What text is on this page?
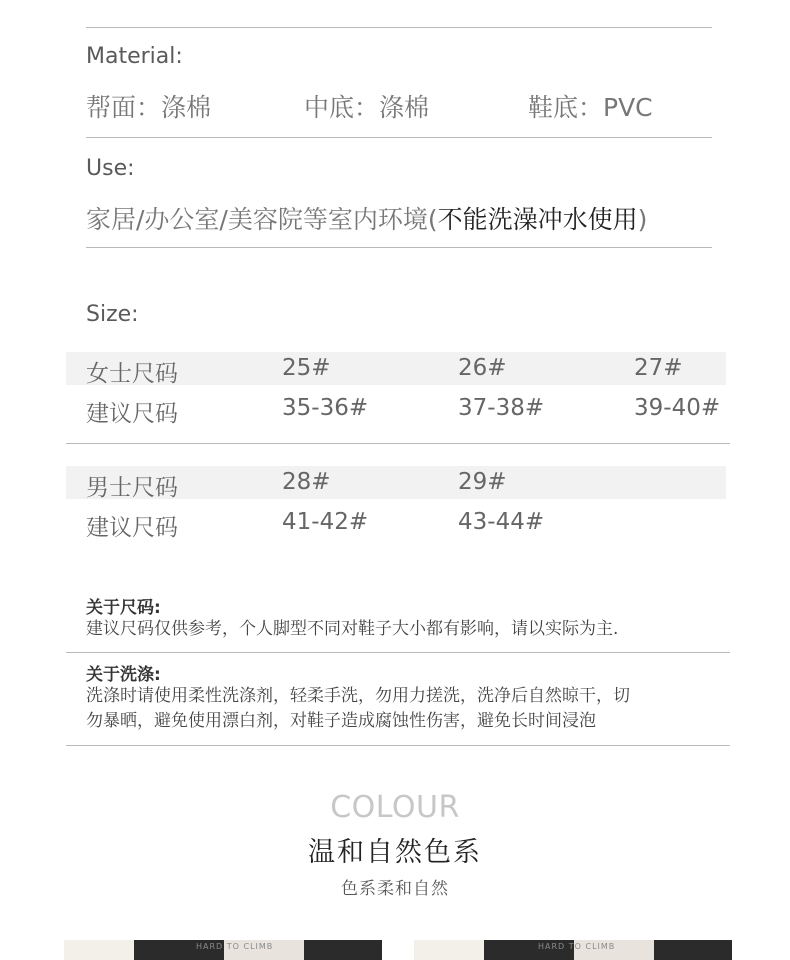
Material:
帮面：涤棉	中底：涤棉	鞋底：PVC
Use:
家居/办公室/美容院等室内环境(不能洗澡冲水使用)
Size:
女士尺码	25#	26#	27#
建议尺码	35-36#	37-38#	39-40#
男士尺码	28#	29#
建议尺码	41-42#	43-44#
关于尺码:
建议尺码仅供参考，个人脚型不同对鞋子大小都有影响，请以实际为主.
关于洗涤:
洗涤时请使用柔性洗涤剂，轻柔手洗，勿用力搓洗，洗净后自然晾干，切
勿暴晒，避免使用漂白剂，对鞋子造成腐蚀性伤害，避免长时间浸泡
COLOUR
温和自然色系
色系柔和自然
HARD TO CLIMB	HARD TO CLIMB
